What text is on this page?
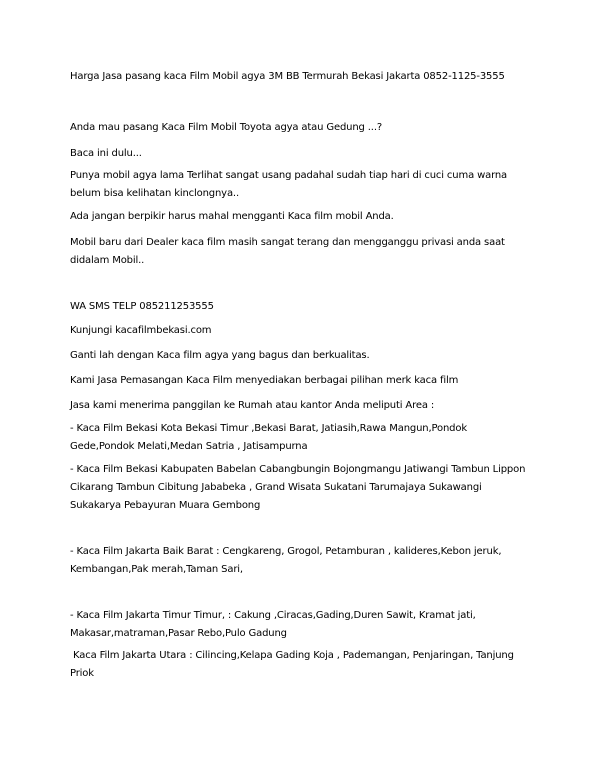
Harga Jasa pasang kaca Film Mobil agya 3M BB Termurah Bekasi Jakarta 0852-1125-3555
Anda mau pasang Kaca Film Mobil Toyota agya atau Gedung ...?
Baca ini dulu...
Punya mobil agya lama Terlihat sangat usang padahal sudah tiap hari di cuci cuma warna
belum bisa kelihatan kinclongnya..
Ada jangan berpikir harus mahal mengganti Kaca film mobil Anda.
Mobil baru dari Dealer kaca film masih sangat terang dan mengganggu privasi anda saat
didalam Mobil..
WA SMS TELP 085211253555
Kunjungi kacafilmbekasi.com
Ganti lah dengan Kaca film agya yang bagus dan berkualitas.
Kami Jasa Pemasangan Kaca Film menyediakan berbagai pilihan merk kaca film
Jasa kami menerima panggilan ke Rumah atau kantor Anda meliputi Area :
- Kaca Film Bekasi Kota Bekasi Timur ,Bekasi Barat, Jatiasih,Rawa Mangun,Pondok
Gede,Pondok Melati,Medan Satria , Jatisampurna
- Kaca Film Bekasi Kabupaten Babelan Cabangbungin Bojongmangu Jatiwangi Tambun Lippon
Cikarang Tambun Cibitung Jababeka , Grand Wisata Sukatani Tarumajaya Sukawangi
Sukakarya Pebayuran Muara Gembong
- Kaca Film Jakarta Baik Barat : Cengkareng, Grogol, Petamburan , kalideres,Kebon jeruk,
Kembangan,Pak merah,Taman Sari,
- Kaca Film Jakarta Timur Timur, : Cakung ,Ciracas,Gading,Duren Sawit, Kramat jati,
Makasar,matraman,Pasar Rebo,Pulo Gadung
Kaca Film Jakarta Utara : Cilincing,Kelapa Gading Koja , Pademangan, Penjaringan, Tanjung
Priok
